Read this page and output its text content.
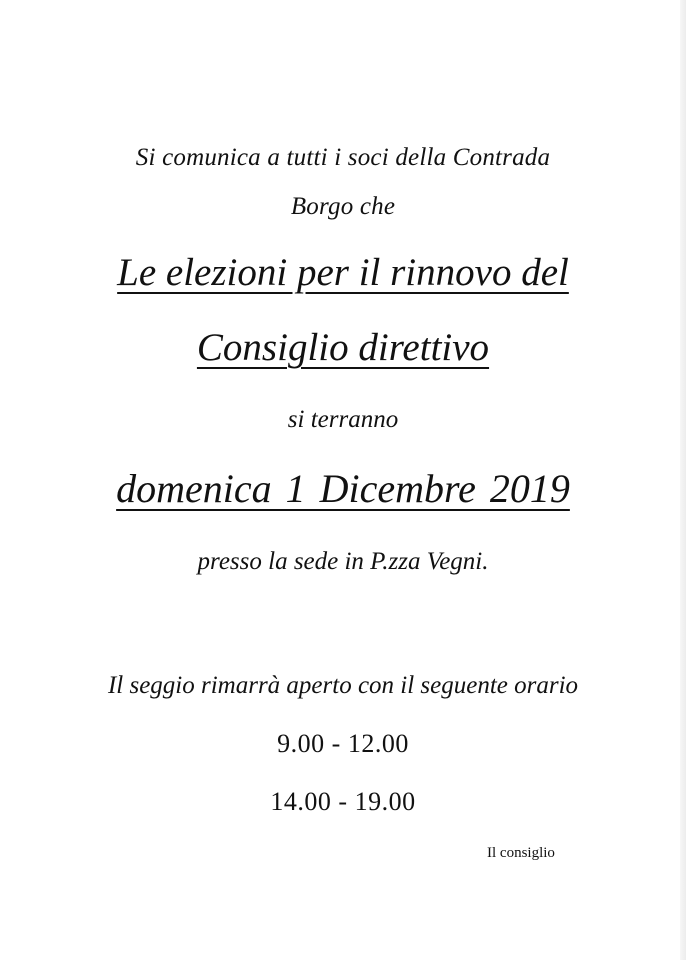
Si comunica a tutti i soci della Contrada
Borgo che
Le elezioni per il rinnovo del
Consiglio direttivo
si terranno
domenica 1 Dicembre 2019
presso la sede in P.zza Vegni.
Il seggio rimarrà aperto con il seguente orario
9.00 - 12.00
14.00 - 19.00
Il consiglio
